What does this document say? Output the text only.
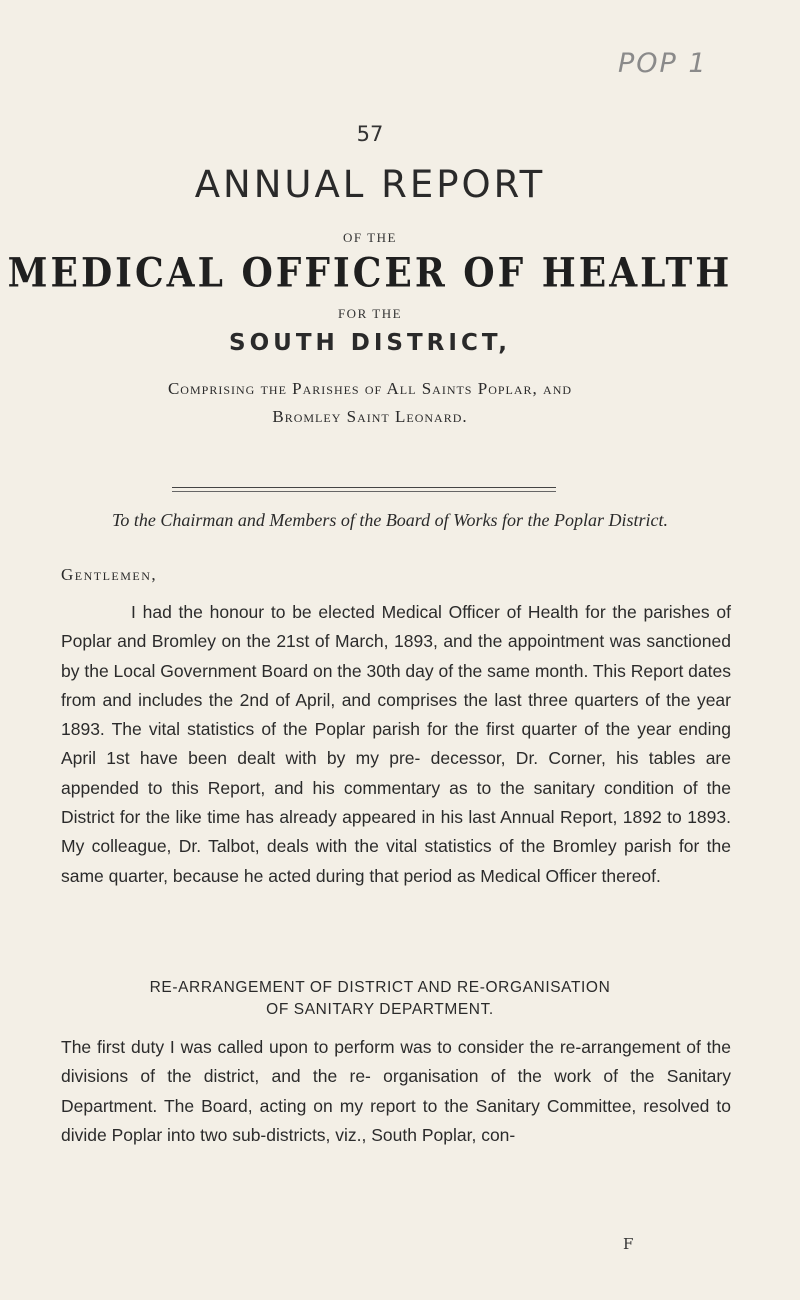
POP 1
57
ANNUAL REPORT
OF THE
MEDICAL OFFICER OF HEALTH
FOR THE
SOUTH DISTRICT,
Comprising the Parishes of All Saints Poplar, and
Bromley Saint Leonard.
To the Chairman and Members of the Board of Works for the Poplar District.
Gentlemen,
I had the honour to be elected Medical Officer of Health for the parishes of Poplar and Bromley on the 21st of March, 1893, and the appointment was sanctioned by the Local Government Board on the 30th day of the same month. This Report dates from and includes the 2nd of April, and comprises the last three quarters of the year 1893. The vital statistics of the Poplar parish for the first quarter of the year ending April 1st have been dealt with by my pre- decessor, Dr. Corner, his tables are appended to this Report, and his commentary as to the sanitary condition of the District for the like time has already appeared in his last Annual Report, 1892 to 1893. My colleague, Dr. Talbot, deals with the vital statistics of the Bromley parish for the same quarter, because he acted during that period as Medical Officer thereof.
RE-ARRANGEMENT OF DISTRICT AND RE-ORGANISATION
OF SANITARY DEPARTMENT.
The first duty I was called upon to perform was to consider the re-arrangement of the divisions of the district, and the re- organisation of the work of the Sanitary Department. The Board, acting on my report to the Sanitary Committee, resolved to divide Poplar into two sub-districts, viz., South Poplar, con-
F
